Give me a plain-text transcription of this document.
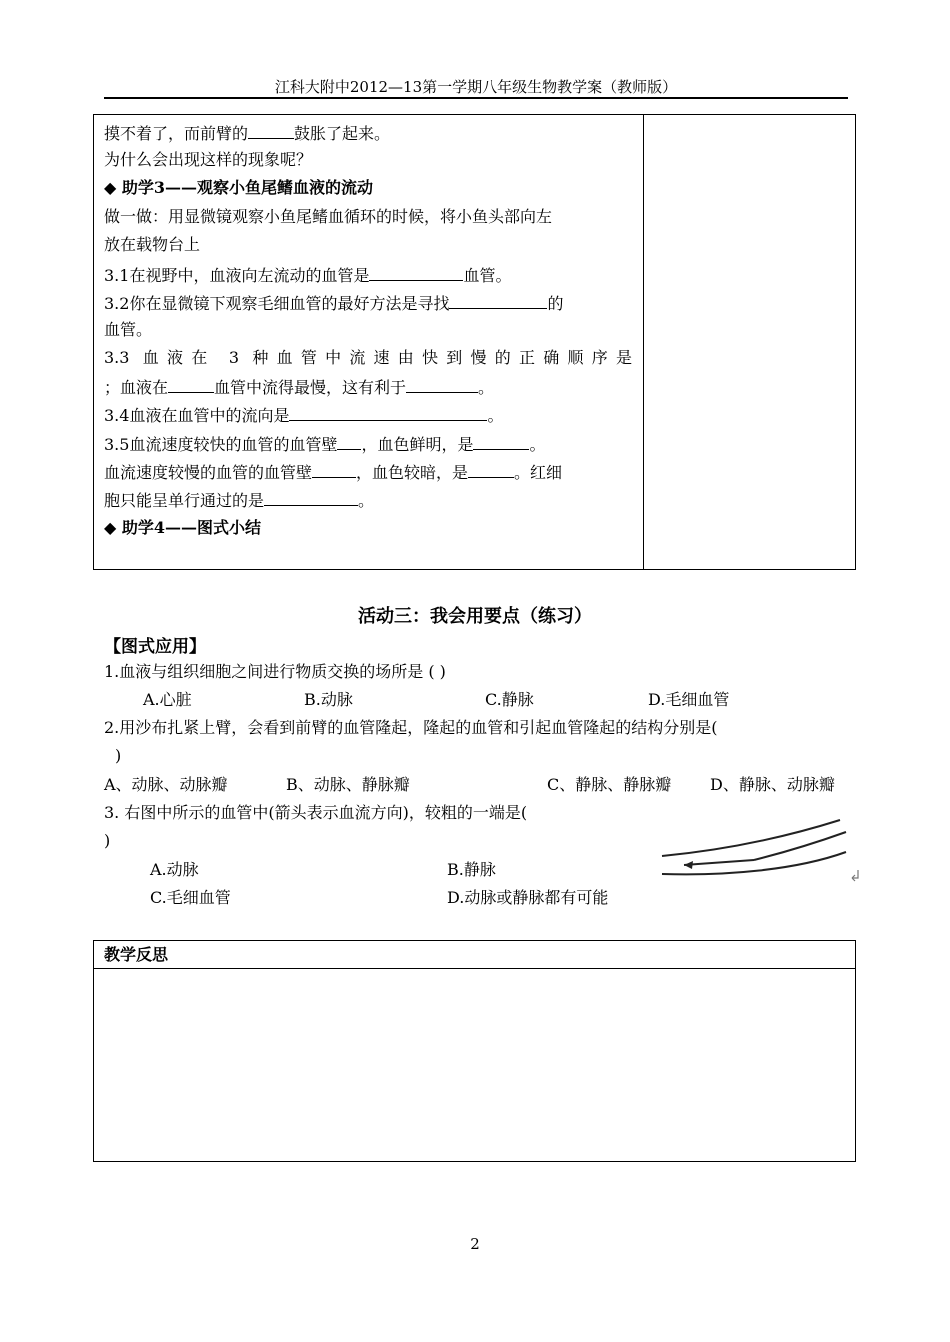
江科大附中2012—13第一学期八年级生物教学案（教师版）
摸不着了，而前臂的	鼓胀了起来。
为什么会出现这样的现象呢？
◆ 助学3——观察小鱼尾鳍血液的流动
做一做：用显微镜观察小鱼尾鳍血循环的时候，将小鱼头部向左
放在载物台上
3.1在视野中，血液向左流动的血管是	血管。
3.2你在显微镜下观察毛细血管的最好方法是寻找	的
血管。
3.3 血液在 3 种血管中流速由快到慢的正确顺序是
；血液在	血管中流得最慢，这有利于	。
3.4血液在血管中的流向是	。
3.5血流速度较快的血管的血管壁 ，血色鲜明，是	。
血流速度较慢的血管的血管壁	，血色较暗，是	。红细
胞只能呈单行通过的是	。
◆ 助学4——图式小结
活动三：我会用要点（练习）
【图式应用】
1.血液与组织细胞之间进行物质交换的场所是 ( )
A.心脏	B.动脉	C.静脉	D.毛细血管
2.用沙布扎紧上臂，会看到前臂的血管隆起，隆起的血管和引起血管隆起的结构分别是(
)
A、动脉、动脉瓣	B、动脉、静脉瓣	C、静脉、静脉瓣 D、静脉、动脉瓣
3. 右图中所示的血管中(箭头表示血流方向)，较粗的一端是(
)
A.动脉	B.静脉
C.毛细血管	D.动脉或静脉都有可能
教学反思
2
